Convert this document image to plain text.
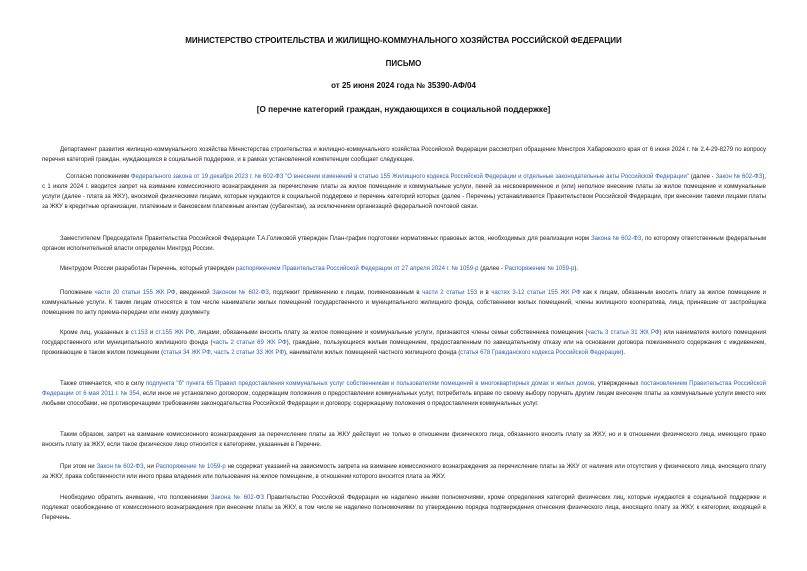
МИНИСТЕРСТВО СТРОИТЕЛЬСТВА И ЖИЛИЩНО-КОММУНАЛЬНОГО ХОЗЯЙСТВА РОССИЙСКОЙ ФЕДЕРАЦИИ
ПИСЬМО
от 25 июня 2024 года № 35390-АФ/04
[О перечне категорий граждан, нуждающихся в социальной поддержке]

Департамент развития жилищно-коммунального хозяйства Министерства строительства и жилищно-коммунального хозяйства Российской Федерации рассмотрел обращение Минстроя Хабаровского края от 6 июня 2024 г. № 2.4-29-8279 по вопросу перечня категорий граждан, нуждающихся в социальной поддержке, и в рамках установленной компетенции сообщает следующее.

Согласно положениям Федерального закона от 19 декабря 2023 г. № 602-ФЗ "О внесении изменений в статью 155 Жилищного кодекса Российской Федерации и отдельные законодательные акты Российской Федерации" (далее - Закон № 602-ФЗ), с 1 июля 2024 г. вводится запрет на взимание комиссионного вознаграждения за перечисление платы за жилое помещение и коммунальные услуги, пеней за несвоевременное и (или) неполное внесение платы за жилое помещение и коммунальные услуги (далее - плата за ЖКУ), вносимой физическими лицами, которые нуждаются в социальной поддержке и перечень категорий которых (далее - Перечень) устанавливается Правительством Российской Федерации, при внесении такими лицами платы за ЖКУ в кредитные организации, платежным и банковским платежным агентам (субагентам), за исключением организаций федеральной почтовой связи.

Заместителем Председателя Правительства Российской Федерации Т.А.Голиковой утвержден План-график подготовки нормативных правовых актов, необходимых для реализации норм Закона № 602-ФЗ, по которому ответственным федеральным органом исполнительной власти определен Минтруд России.

Минтрудом России разработан Перечень, который утвержден распоряжением Правительства Российской Федерации от 27 апреля 2024 г. № 1059-р (далее - Распоряжение № 1059-р).

Положение части 20 статьи 155 ЖК РФ, введенной Законом № 602-ФЗ, подлежит применению к лицам, поименованным в части 2 статьи 153 и в частях 3-12 статьи 155 ЖК РФ как к лицам, обязанным вносить плату за жилое помещение и коммунальные услуги. К таким лицам относятся в том числе наниматели жилых помещений государственного и муниципального жилищного фонда, собственники жилых помещений, члены жилищного кооператива, лица, принявшие от застройщика помещение по акту приема-передачи или иному документу.

Кроме лиц, указанных в ст.153 и ст.155 ЖК РФ, лицами, обязанными вносить плату за жилое помещение и коммунальные услуги, признаются члены семьи собственника помещения (часть 3 статьи 31 ЖК РФ) или нанимателя жилого помещения государственного или муниципального жилищного фонда (часть 2 статьи 69 ЖК РФ), граждане, пользующиеся жилым помещением, предоставленным по завещательному отказу или на основании договора пожизненного содержания с иждивением, проживающие в таком жилом помещении (статья 34 ЖК РФ, часть 2 статьи 33 ЖК РФ), наниматели жилых помещений частного жилищного фонда (статья 678 Гражданского кодекса Российской Федерации).

Также отмечается, что в силу подпункта "б" пункта 65 Правил предоставления коммунальных услуг собственникам и пользователям помещений в многоквартирных домах и жилых домов, утвержденных постановлением Правительства Российской Федерации от 6 мая 2011 г. № 354, если иное не установлено договором, содержащим положения о предоставлении коммунальных услуг, потребитель вправе по своему выбору поручать другим лицам внесение платы за коммунальные услуги вместо них любыми способами, не противоречащими требованиям законодательства Российской Федерации и договору, содержащему положения о предоставлении коммунальных услуг.

Таким образом, запрет на взимание комиссионного вознаграждения за перечисление платы за ЖКУ действует не только в отношении физического лица, обязанного вносить плату за ЖКУ, но и в отношении физического лица, имеющего право вносить плату за ЖКУ, если такое физическое лицо относится к категориям, указанным в Перечне.

При этом ни Закон № 602-ФЗ, ни Распоряжение № 1059-р не содержат указаний на зависимость запрета на взимание комиссионного вознаграждения за перечисление платы за ЖКУ от наличия или отсутствия у физического лица, вносящего плату за ЖКУ, права собственности или иного права владения или пользования на жилое помещение, в отношении которого вносится плата за ЖКУ.

Необходимо обратить внимание, что положениями Закона № 602-ФЗ Правительство Российской Федерации не наделено иными полномочиями, кроме определения категорий физических лиц, которые нуждаются в социальной поддержке и подлежат освобождению от комиссионного вознаграждения при внесении платы за ЖКУ, в том числе не наделено полномочиями по утверждению порядка подтверждения отнесения физического лица, вносящего плату за ЖКУ, к категории, входящей в Перечень.
